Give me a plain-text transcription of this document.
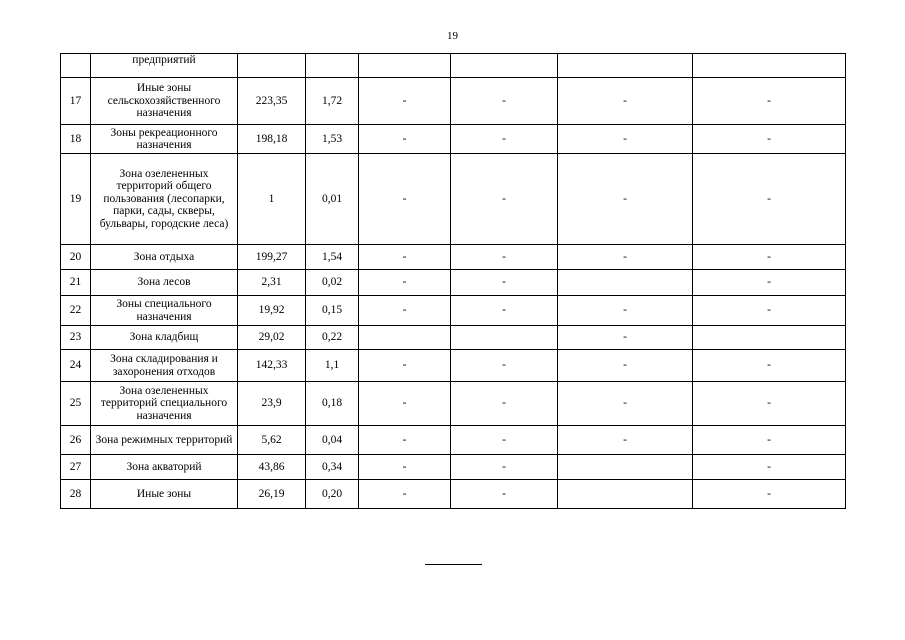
19
	предприятий						
17	Иные зоны сельскохозяйственного назначения	223,35	1,72	-	-	-	-
18	Зоны рекреационного назначения	198,18	1,53	-	-	-	-
19	Зона озелененных территорий общего пользования (лесопарки, парки, сады, скверы, бульвары, городские леса)	1	0,01	-	-	-	-
20	Зона отдыха	199,27	1,54	-	-	-	-
21	Зона лесов	2,31	0,02	-	-		-
22	Зоны специального назначения	19,92	0,15	-	-	-	-
23	Зона кладбищ	29,02	0,22			-	
24	Зона складирования и захоронения отходов	142,33	1,1	-	-	-	-
25	Зона озелененных территорий специального назначения	23,9	0,18	-	-	-	-
26	Зона режимных территорий	5,62	0,04	-	-	-	-
27	Зона акваторий	43,86	0,34	-	-		-
28	Иные зоны	26,19	0,20	-	-		-
